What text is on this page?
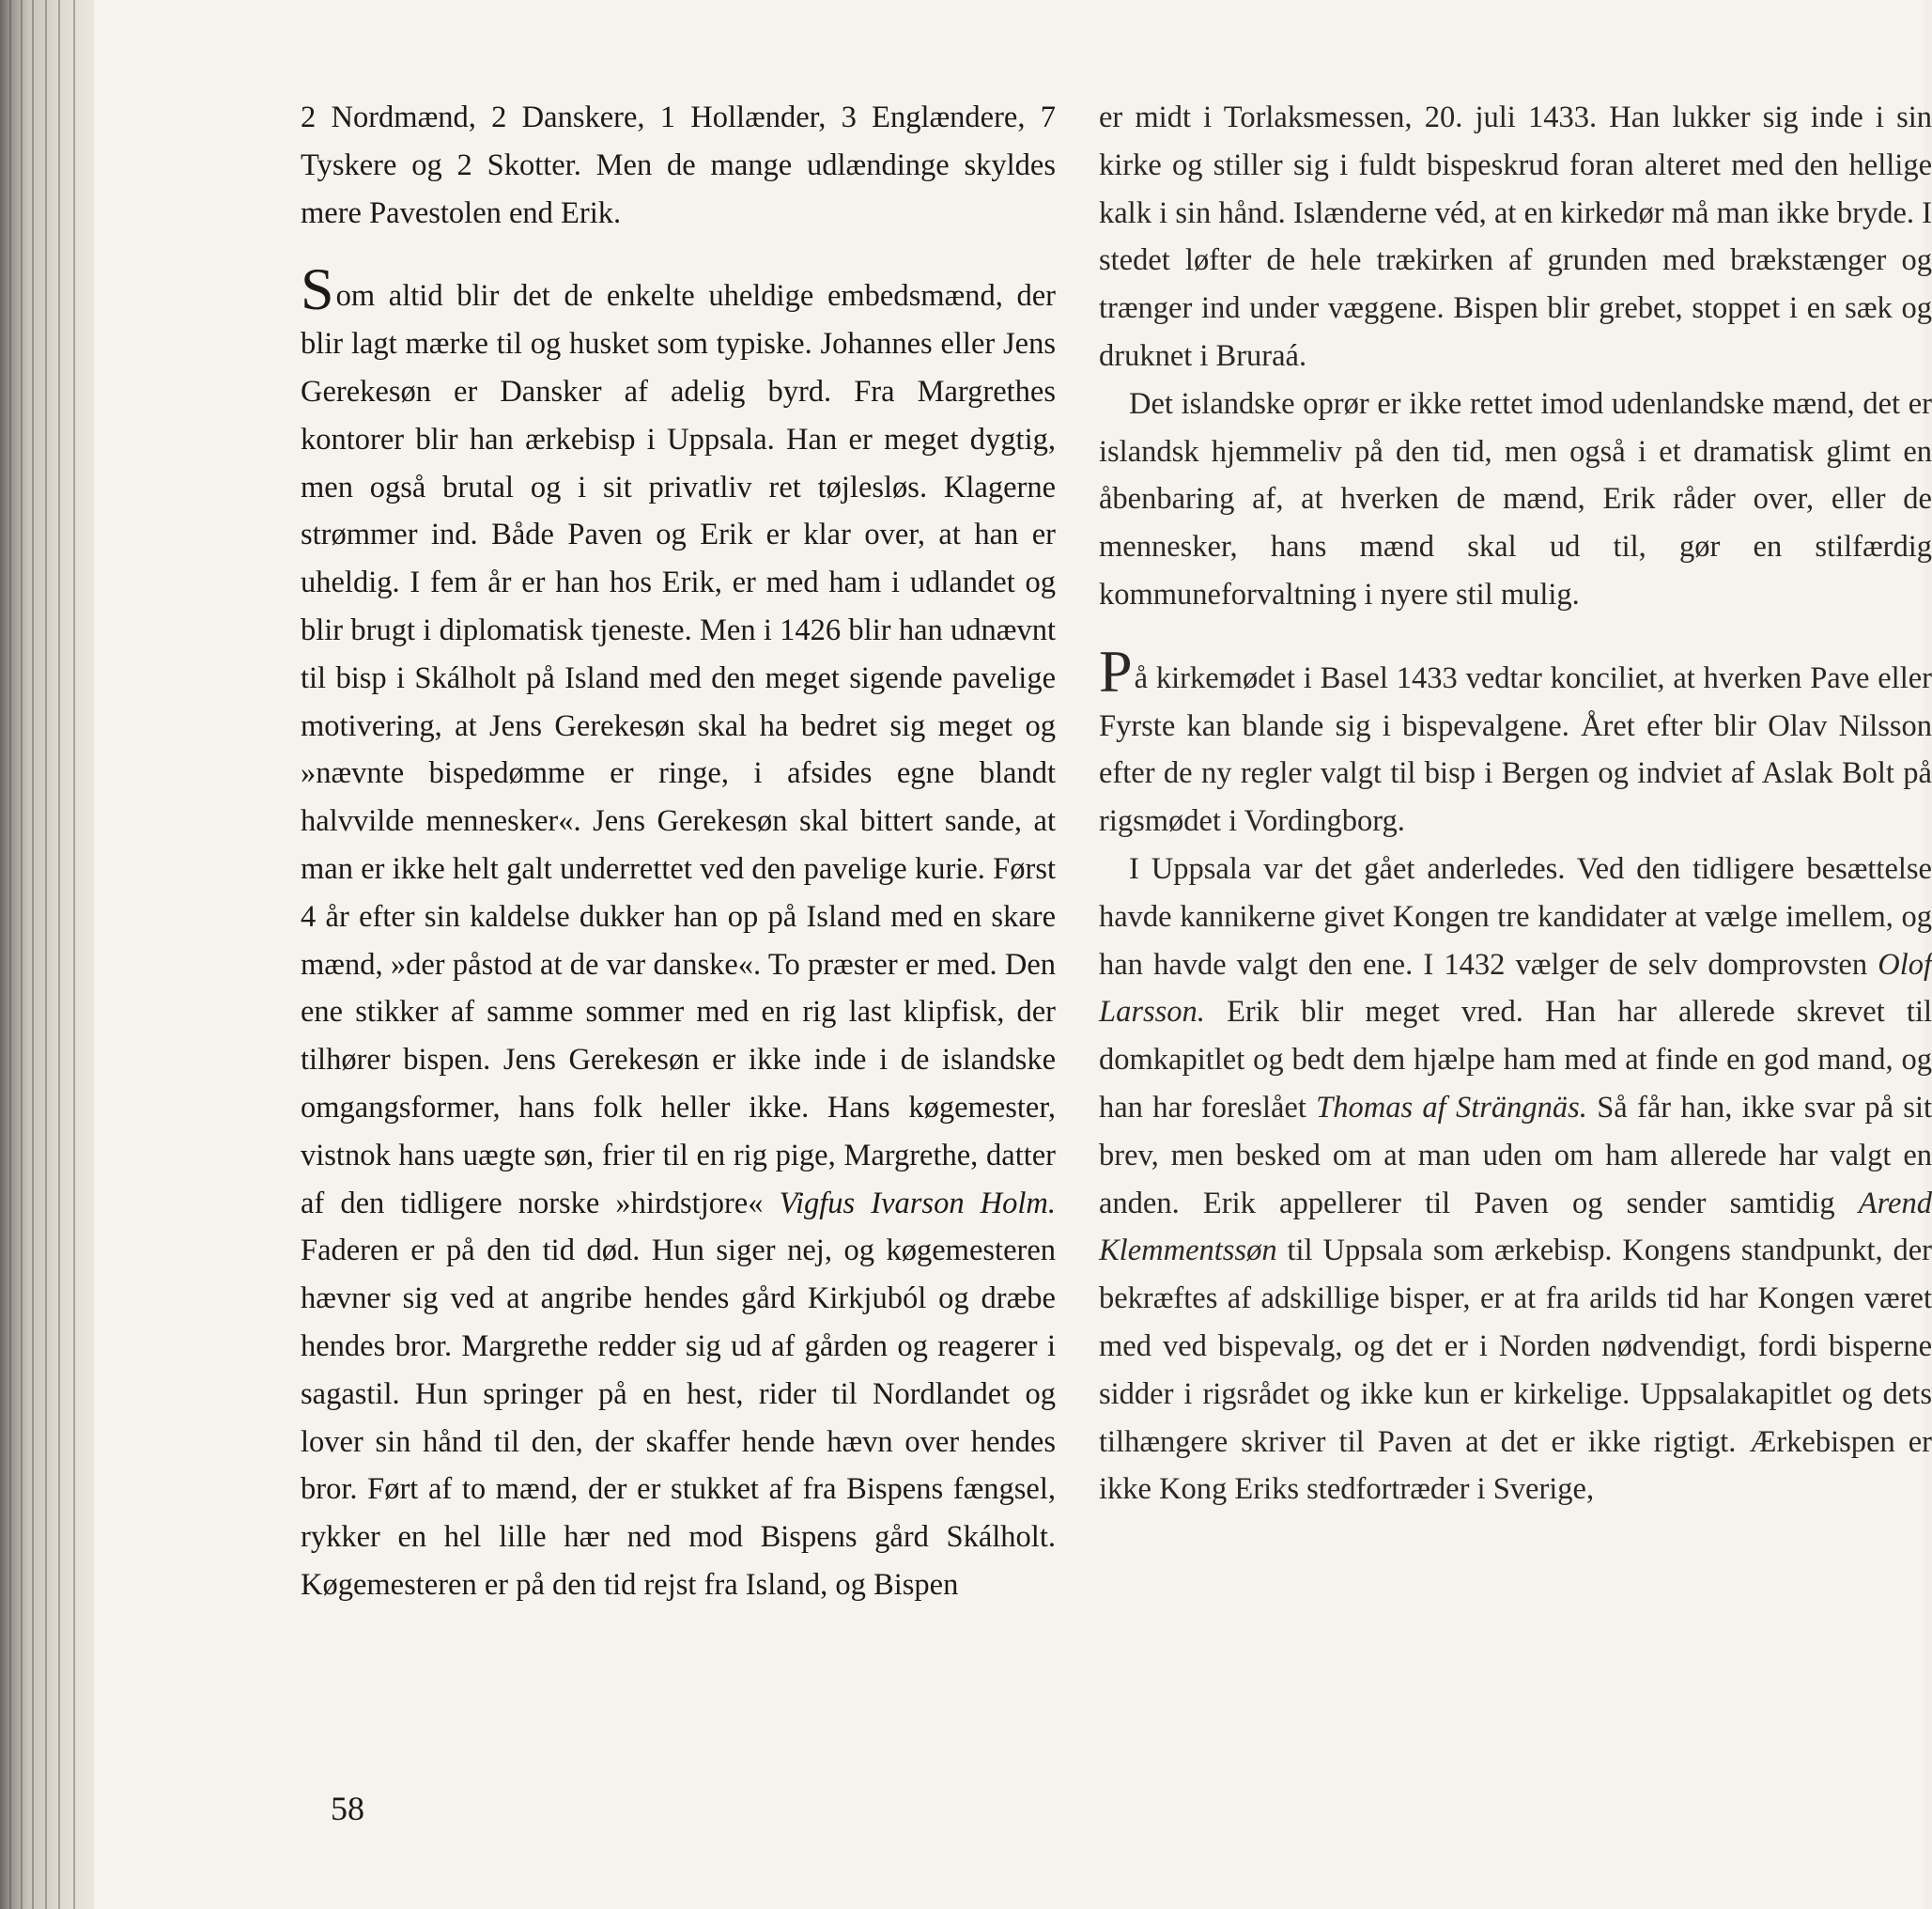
2 Nordmænd, 2 Danskere, 1 Hollænder, 3 Englændere, 7 Tyskere og 2 Skotter. Men de mange udlændinge skyldes mere Pavestolen end Erik.

Som altid blir det de enkelte uheldige embedsmænd, der blir lagt mærke til og husket som typiske. Johannes eller Jens Gerekesøn er Dansker af adelig byrd. Fra Margrethes kontorer blir han ærkebisp i Uppsala. Han er meget dygtig, men også brutal og i sit privatliv ret tøjlesløs. Klagerne strømmer ind. Både Paven og Erik er klar over, at han er uheldig. I fem år er han hos Erik, er med ham i udlandet og blir brugt i diplomatisk tjeneste. Men i 1426 blir han udnævnt til bisp i Skálholt på Island med den meget sigende pavelige motivering, at Jens Gerekesøn skal ha bedret sig meget og »nævnte bispedømme er ringe, i afsides egne blandt halvvilde mennesker«. Jens Gerekesøn skal bittert sande, at man er ikke helt galt underrettet ved den pavelige kurie. Først 4 år efter sin kaldelse dukker han op på Island med en skare mænd, »der påstod at de var danske«. To præster er med. Den ene stikker af samme sommer med en rig last klipfisk, der tilhører bispen. Jens Gerekesøn er ikke inde i de islandske omgangsformer, hans folk heller ikke. Hans køgemester, vistnok hans uægte søn, frier til en rig pige, Margrethe, datter af den tidligere norske »hirdstjore« Vigfus Ivarson Holm. Faderen er på den tid død. Hun siger nej, og køgemesteren hævner sig ved at angribe hendes gård Kirkjuból og dræbe hendes bror. Margrethe redder sig ud af gården og reagerer i sagastil. Hun springer på en hest, rider til Nordlandet og lover sin hånd til den, der skaffer hende hævn over hendes bror. Ført af to mænd, der er stukket af fra Bispens fængsel, rykker en hel lille hær ned mod Bispens gård Skálholt. Køgemesteren er på den tid rejst fra Island, og Bispen

er midt i Torlaksmessen, 20. juli 1433. Han lukker sig inde i sin kirke og stiller sig i fuldt bispeskrud foran alteret med den hellige kalk i sin hånd. Islænderne véd, at en kirkedør må man ikke bryde. I stedet løfter de hele trækirken af grunden med brækstænger og trænger ind under væggene. Bispen blir grebet, stoppet i en sæk og druknet i Bruraá.

Det islandske oprør er ikke rettet imod udenlandske mænd, det er islandsk hjemmeliv på den tid, men også i et dramatisk glimt en åbenbaring af, at hverken de mænd, Erik råder over, eller de mennesker, hans mænd skal ud til, gør en stilfærdig kommuneforvaltning i nyere stil mulig.

På kirkemødet i Basel 1433 vedtar konciliet, at hverken Pave eller Fyrste kan blande sig i bispevalgene. Året efter blir Olav Nilsson efter de ny regler valgt til bisp i Bergen og indviet af Aslak Bolt på rigsmødet i Vordingborg.

I Uppsala var det gået anderledes. Ved den tidligere besættelse havde kannikerne givet Kongen tre kandidater at vælge imellem, og han havde valgt den ene. I 1432 vælger de selv domprovsten Olof Larsson. Erik blir meget vred. Han har allerede skrevet til domkapitlet og bedt dem hjælpe ham med at finde en god mand, og han har foreslået Thomas af Strängnäs. Så får han, ikke svar på sit brev, men besked om at man uden om ham allerede har valgt en anden. Erik appellerer til Paven og sender samtidig Arend Klemmentssøn til Uppsala som ærkebisp. Kongens standpunkt, der bekræftes af adskillige bisper, er at fra arilds tid har Kongen været med ved bispevalg, og det er i Norden nødvendigt, fordi bisperne sidder i rigsrådet og ikke kun er kirkelige. Uppsalakapitlet og dets tilhængere skriver til Paven at det er ikke rigtigt. Ærkebispen er ikke Kong Eriks stedfortræder i Sverige,

58
